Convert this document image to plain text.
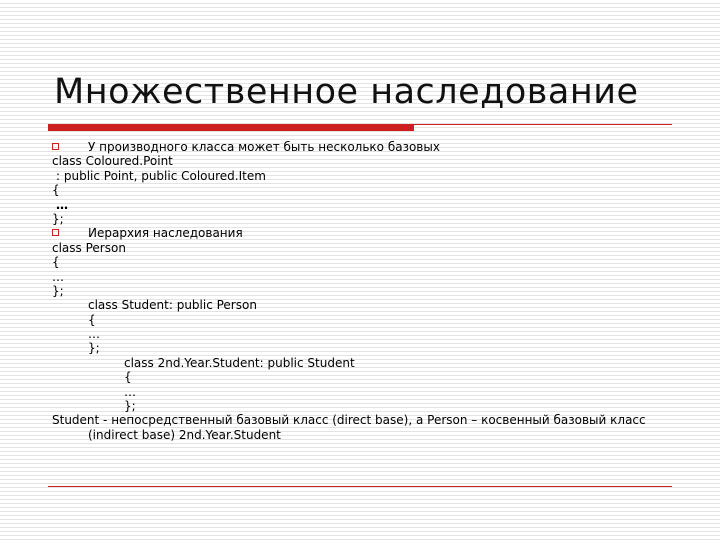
Множественное наследование
У производного класса может быть несколько базовых
class Coloured.Point
: public Point, public Coloured.Item
{
…
};
Иерархия наследования
class Person
{
…
};
class Student: public Person
{
…
};
class 2nd.Year.Student: public Student
{
…
};
Student - непосредственный базовый класс (direct base), а Person – косвенный базовый класс (indirect base) 2nd.Year.Student
